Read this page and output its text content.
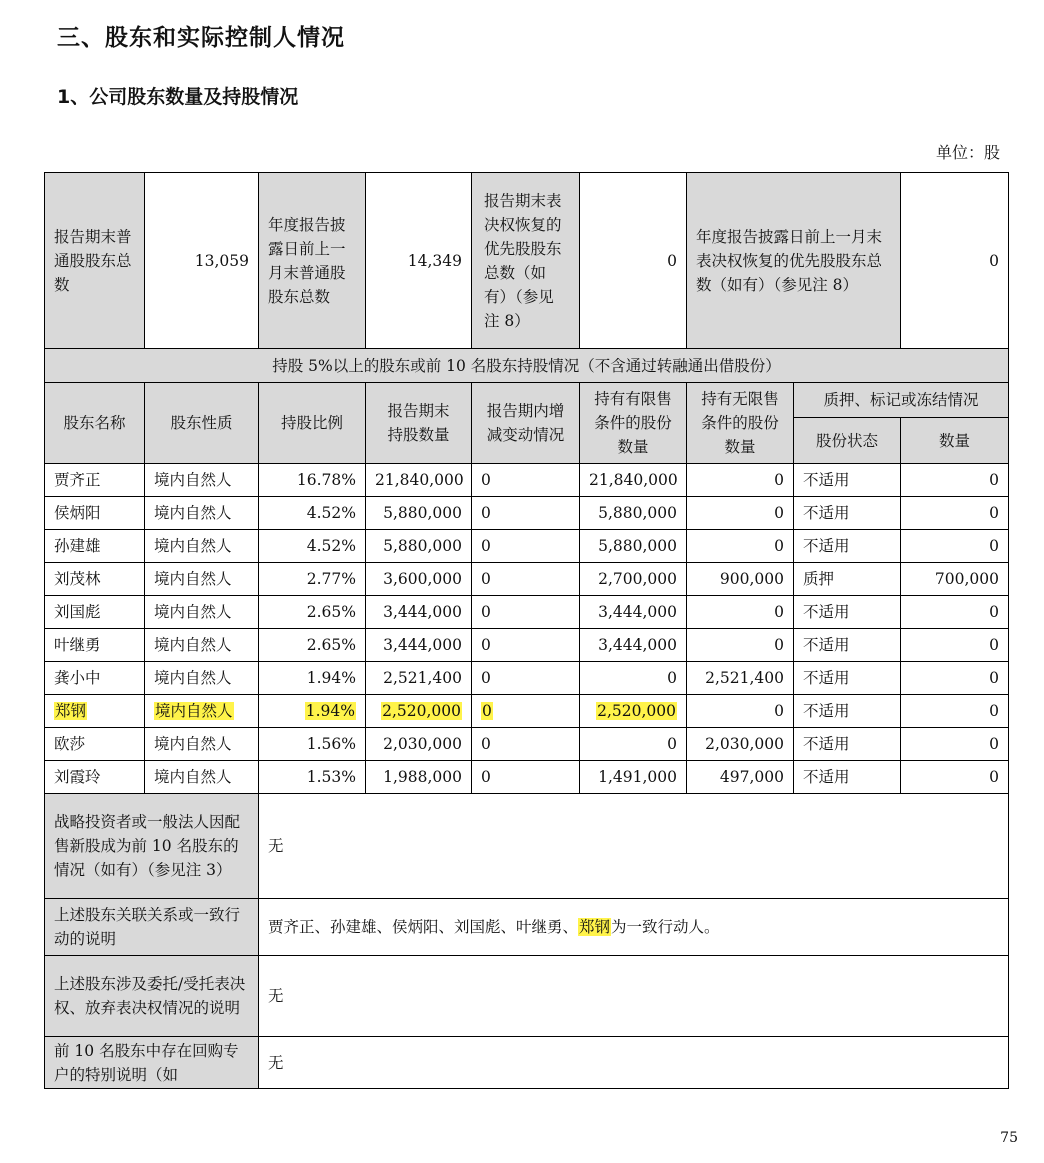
三、股东和实际控制人情况
1、公司股东数量及持股情况
单位：股
报告期末普通股股东总数	13,059	年度报告披露日前上一月末普通股股东总数	14,349	报告期末表决权恢复的优先股股东总数（如有）（参见注 8）	0	年度报告披露日前上一月末表决权恢复的优先股股东总数（如有）（参见注 8）		0
持股 5%以上的股东或前 10 名股东持股情况（不含通过转融通出借股份）								
股东名称	股东性质	持股比例	报告期末持股数量	报告期内增减变动情况	持有有限售条件的股份数量	持有无限售条件的股份数量	质押、标记或冻结情况	
							股份状态	数量
贾齐正	境内自然人	16.78%	21,840,000	0	21,840,000	0	不适用	0
侯炳阳	境内自然人	4.52%	5,880,000	0	5,880,000	0	不适用	0
孙建雄	境内自然人	4.52%	5,880,000	0	5,880,000	0	不适用	0
刘茂林	境内自然人	2.77%	3,600,000	0	2,700,000	900,000	质押	700,000
刘国彪	境内自然人	2.65%	3,444,000	0	3,444,000	0	不适用	0
叶继勇	境内自然人	2.65%	3,444,000	0	3,444,000	0	不适用	0
龚小中	境内自然人	1.94%	2,521,400	0	0	2,521,400	不适用	0
郑钢	境内自然人	1.94%	2,520,000	0	2,520,000	0	不适用	0
欧莎	境内自然人	1.56%	2,030,000	0	0	2,030,000	不适用	0
刘霞玲	境内自然人	1.53%	1,988,000	0	1,491,000	497,000	不适用	0
战略投资者或一般法人因配售新股成为前 10 名股东的情况（如有）（参见注 3）		无						
上述股东关联关系或一致行动的说明		贾齐正、孙建雄、侯炳阳、刘国彪、叶继勇、郑钢为一致行动人。						
上述股东涉及委托/受托表决权、放弃表决权情况的说明		无						
前 10 名股东中存在回购专户的特别说明（如		无						
75
